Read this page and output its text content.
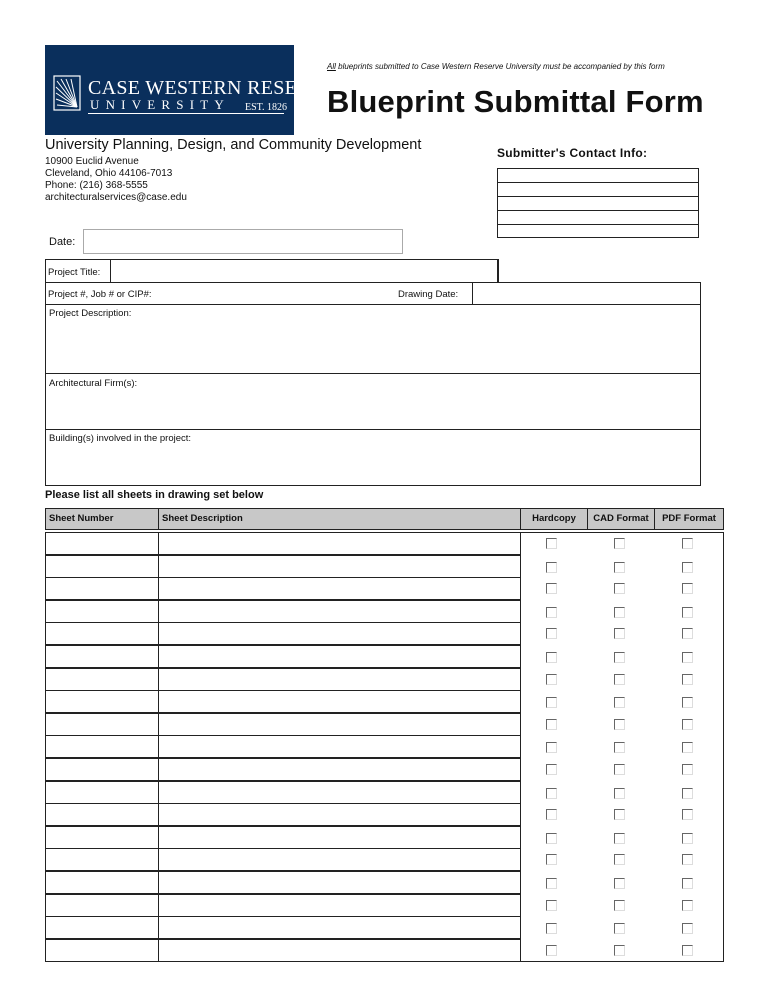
CASE WESTERN RESERVE
UNIVERSITY EST. 1826
All blueprints submitted to Case Western Reserve University must be accompanied by this form
Blueprint Submittal Form
University Planning, Design, and Community Development
10900 Euclid Avenue
Cleveland, Ohio 44106-7013
Phone: (216) 368-5555
architecturalservices@case.edu
Submitter's Contact Info:
Date:
Project Title:
Project #, Job # or CIP#:	Drawing Date:
Project Description:
Architectural Firm(s):
Building(s) involved in the project:
Please list all sheets in drawing set below
Sheet Number	Sheet Description	Hardcopy	CAD Format	PDF Format
